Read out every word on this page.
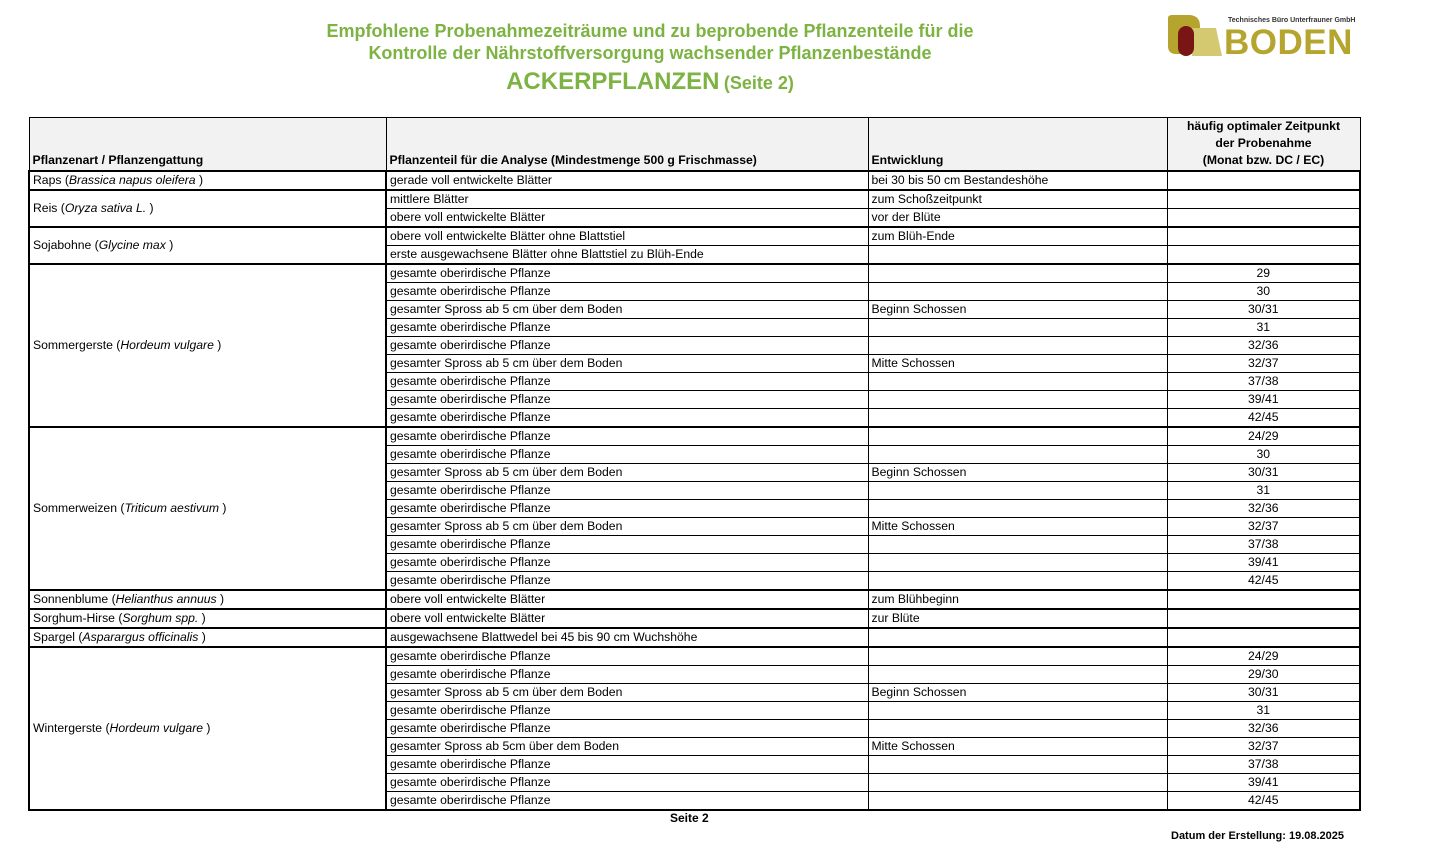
Empfohlene Probenahmezeiträume und zu beprobende Pflanzenteile für die

Kontrolle der Nährstoffversorgung wachsender Pflanzenbestände

ACKERPFLANZEN (Seite 2)
Technisches Büro Unterfrauner GmbH
BODEN
Pflanzenart / Pflanzengattung	Pflanzenteil für die Analyse (Mindestmenge 500 g Frischmasse)	Entwicklung	häufig optimaler Zeitpunkt
der Probenahme
(Monat bzw. DC / EC)

Raps (Brassica napus oleifera )	gerade voll entwickelte Blätter	bei 30 bis 50 cm Bestandeshöhe	
Reis (Oryza sativa L. )	mittlere Blätter	zum Schoßzeitpunkt	
	obere voll entwickelte Blätter	vor der Blüte	
Sojabohne (Glycine max )	obere voll entwickelte Blätter ohne Blattstiel	zum Blüh-Ende	
	erste ausgewachsene Blätter ohne Blattstiel zu Blüh-Ende		
Sommergerste (Hordeum vulgare )	gesamte oberirdische Pflanze		29
	gesamte oberirdische Pflanze		30
	gesamter Spross ab 5 cm über dem Boden	Beginn Schossen	30/31
	gesamte oberirdische Pflanze		31
	gesamte oberirdische Pflanze		32/36
	gesamter Spross ab 5 cm über dem Boden	Mitte Schossen	32/37
	gesamte oberirdische Pflanze		37/38
	gesamte oberirdische Pflanze		39/41
	gesamte oberirdische Pflanze		42/45
Sommerweizen (Triticum aestivum )	gesamte oberirdische Pflanze		24/29
	gesamte oberirdische Pflanze		30
	gesamter Spross ab 5 cm über dem Boden	Beginn Schossen	30/31
	gesamte oberirdische Pflanze		31
	gesamte oberirdische Pflanze		32/36
	gesamter Spross ab 5 cm über dem Boden	Mitte Schossen	32/37
	gesamte oberirdische Pflanze		37/38
	gesamte oberirdische Pflanze		39/41
	gesamte oberirdische Pflanze		42/45
Sonnenblume (Helianthus annuus )	obere voll entwickelte Blätter	zum Blühbeginn	
Sorghum-Hirse (Sorghum spp. )	obere voll entwickelte Blätter	zur Blüte	
Spargel (Asparargus officinalis )	ausgewachsene Blattwedel bei 45 bis 90 cm Wuchshöhe		
Wintergerste (Hordeum vulgare )	gesamte oberirdische Pflanze		24/29
	gesamte oberirdische Pflanze		29/30
	gesamter Spross ab 5 cm über dem Boden	Beginn Schossen	30/31
	gesamte oberirdische Pflanze		31
	gesamte oberirdische Pflanze		32/36
	gesamter Spross ab 5cm über dem Boden	Mitte Schossen	32/37
	gesamte oberirdische Pflanze		37/38
	gesamte oberirdische Pflanze		39/41
	gesamte oberirdische Pflanze		42/45
Seite 2
Datum der Erstellung: 19.08.2025
